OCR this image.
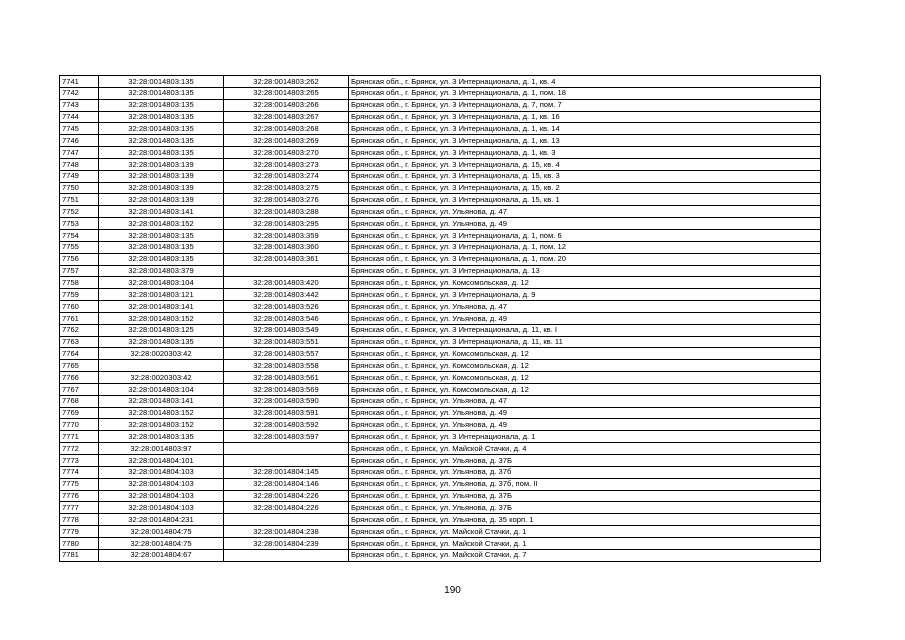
7741	32:28:0014803:135	32:28:0014803:262	Брянская обл., г. Брянск, ул. 3 Интернационала, д. 1, кв. 4
7742	32:28:0014803:135	32:28:0014803:265	Брянская обл., г. Брянск, ул. 3 Интернационала, д. 1, пом. 18
7743	32:28:0014803:135	32:28:0014803:266	Брянская обл., г. Брянск, ул. 3 Интернационала, д. 7, пом. 7
7744	32:28:0014803:135	32:28:0014803:267	Брянская обл., г. Брянск, ул. 3 Интернационала, д. 1, кв. 16
7745	32:28:0014803:135	32:28:0014803:268	Брянская обл., г. Брянск, ул. 3 Интернационала, д. 1, кв. 14
7746	32:28:0014803:135	32:28:0014803:269	Брянская обл., г. Брянск, ул. 3 Интернационала, д. 1, кв. 13
7747	32:28:0014803:135	32:28:0014803:270	Брянская обл., г. Брянск, ул. 3 Интернационала, д. 1, кв. 3
7748	32:28:0014803:139	32:28:0014803:273	Брянская обл., г. Брянск, ул. 3 Интернационала, д. 15, кв. 4
7749	32:28:0014803:139	32:28:0014803:274	Брянская обл., г. Брянск, ул. 3 Интернационала, д. 15, кв. 3
7750	32:28:0014803:139	32:28:0014803:275	Брянская обл., г. Брянск, ул. 3 Интернационала, д. 15, кв. 2
7751	32:28:0014803:139	32:28:0014803:276	Брянская обл., г. Брянск, ул. 3 Интернационала, д. 15, кв. 1
7752	32:28:0014803:141	32:28:0014803:288	Брянская обл., г. Брянск, ул. Ульянова, д. 47
7753	32:28:0014803:152	32:28:0014803:295	Брянская обл., г. Брянск, ул. Ульянова, д. 49
7754	32:28:0014803:135	32:28:0014803:359	Брянская обл., г. Брянск, ул. 3 Интернационала, д. 1, пом. 6
7755	32:28:0014803:135	32:28:0014803:360	Брянская обл., г. Брянск, ул. 3 Интернационала, д. 1, пом. 12
7756	32:28:0014803:135	32:28:0014803:361	Брянская обл., г. Брянск, ул. 3 Интернационала, д. 1, пом. 20
7757	32:28:0014803:379		Брянская обл., г. Брянск, ул. 3 Интернационала, д. 13
7758	32:28:0014803:104	32:28:0014803:420	Брянская обл., г. Брянск, ул. Комсомольская, д. 12
7759	32:28:0014803:121	32:28:0014803:442	Брянская обл., г. Брянск, ул. 3 Интернационала, д. 9
7760	32:28:0014803:141	32:28:0014803:526	Брянская обл., г. Брянск, ул. Ульянова, д. 47
7761	32:28:0014803:152	32:28:0014803:546	Брянская обл., г. Брянск, ул. Ульянова, д. 49
7762	32:28:0014803:125	32:28:0014803:549	Брянская обл., г. Брянск, ул. 3 Интернационала, д. 11, кв. I
7763	32:28:0014803:135	32:28:0014803:551	Брянская обл., г. Брянск, ул. 3 Интернационала, д. 11, кв. 11
7764	32:28:0020303:42	32:28:0014803:557	Брянская обл., г. Брянск, ул. Комсомольская, д. 12
7765		32:28:0014803:558	Брянская обл., г. Брянск, ул. Комсомольская, д. 12
7766	32:28:0020303:42	32:28:0014803:561	Брянская обл., г. Брянск, ул. Комсомольская, д. 12
7767	32:28:0014803:104	32:28:0014803:569	Брянская обл., г. Брянск, ул. Комсомольская, д. 12
7768	32:28:0014803:141	32:28:0014803:590	Брянская обл., г. Брянск, ул. Ульянова, д. 47
7769	32:28:0014803:152	32:28:0014803:591	Брянская обл., г. Брянск, ул. Ульянова, д. 49
7770	32:28:0014803:152	32:28:0014803:592	Брянская обл., г. Брянск, ул. Ульянова, д. 49
7771	32:28:0014803:135	32:28:0014803:597	Брянская обл., г. Брянск, ул. 3 Интернационала, д. 1
7772	32:28:0014803:97		Брянская обл., г. Брянск, ул. Майской Стачки, д. 4
7773	32:28:0014804:101		Брянская обл., г. Брянск, ул. Ульянова, д. 37Б
7774	32:28:0014804:103	32:28:0014804:145	Брянская обл., г. Брянск, ул. Ульянова, д. 37б
7775	32:28:0014804:103	32:28:0014804:146	Брянская обл., г. Брянск, ул. Ульянова, д. 37б, пом. II
7776	32:28:0014804:103	32:28:0014804:226	Брянская обл., г. Брянск, ул. Ульянова, д. 37Б
7777	32:28:0014804:103	32:28:0014804:226	Брянская обл., г. Брянск, ул. Ульянова, д. 37Б
7778	32:28:0014804:231		Брянская обл., г. Брянск, ул. Ульянова, д. 35 корп. 1
7779	32:28:0014804:75	32:28:0014804:238	Брянская обл., г. Брянск, ул. Майской Стачки, д. 1
7780	32:28:0014804:75	32:28:0014804:239	Брянская обл., г. Брянск, ул. Майской Стачки, д. 1
7781	32:28:0014804:67		Брянская обл., г. Брянск, ул. Майской Стачки, д. 7
190
